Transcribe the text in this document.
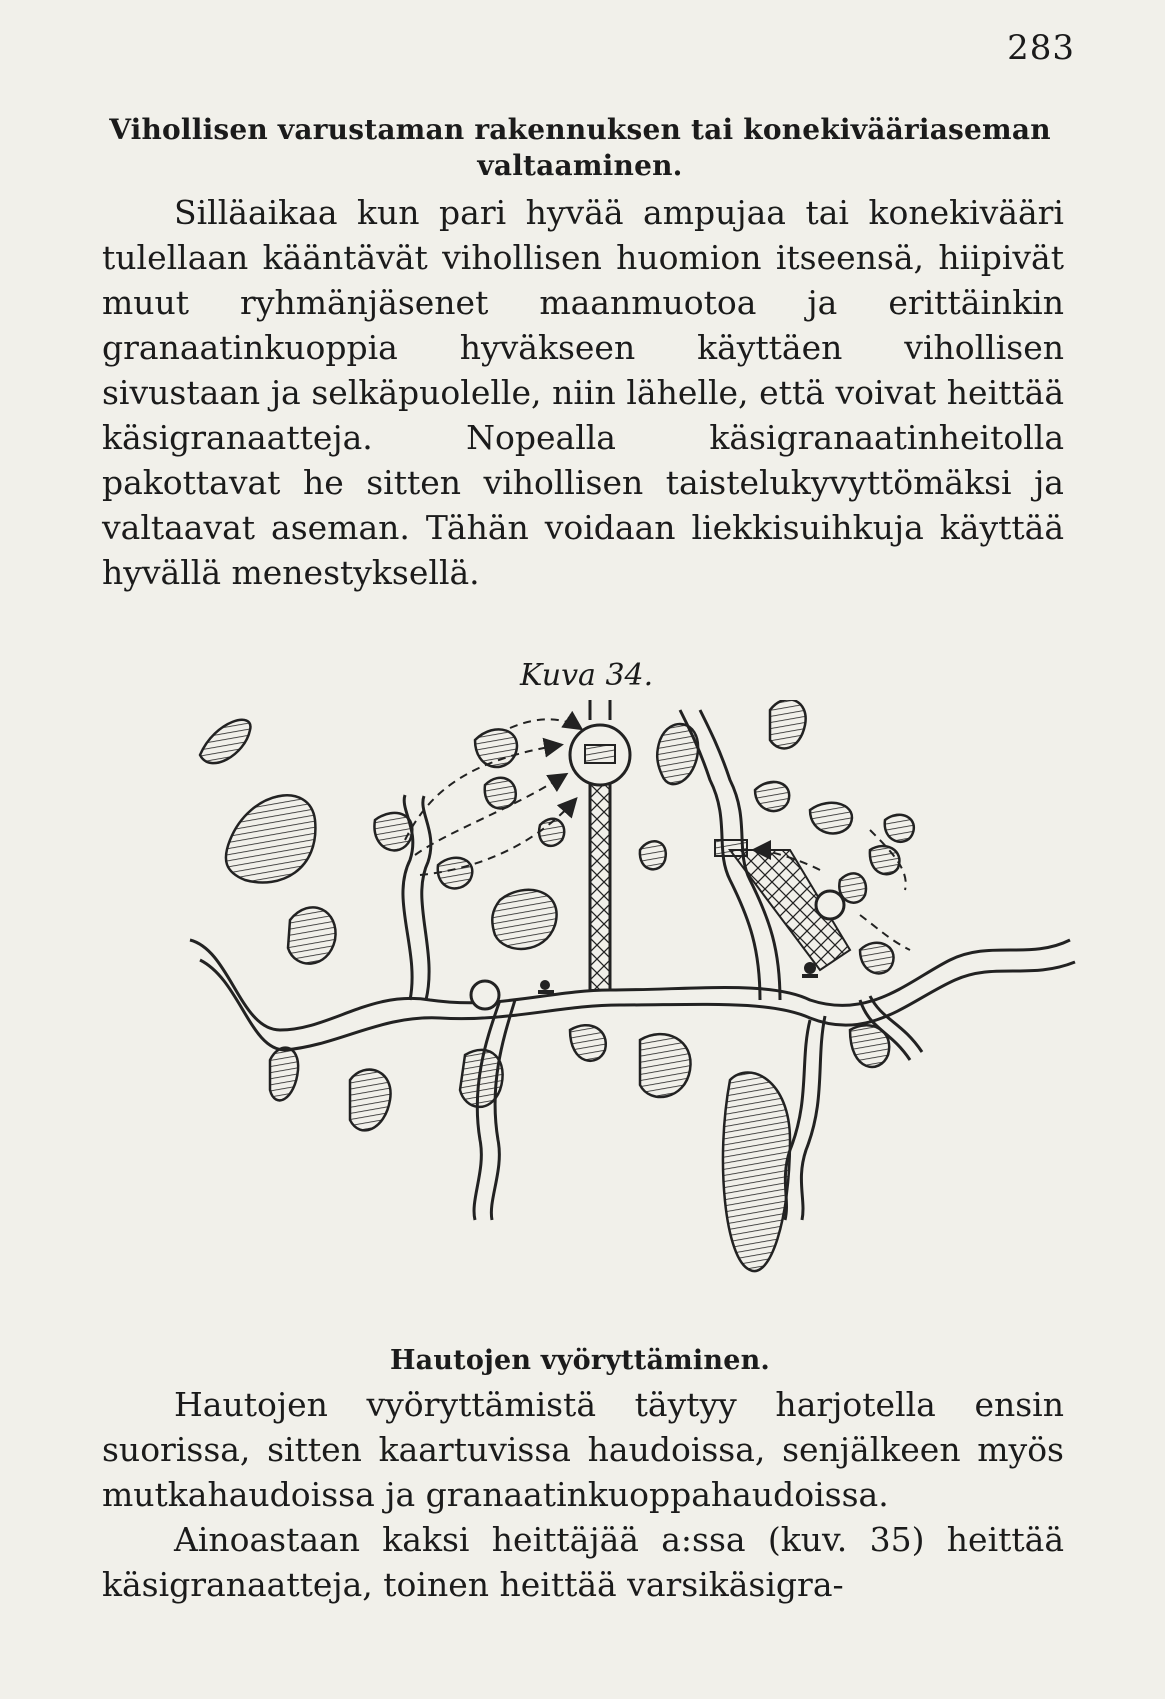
283
Vihollisen varustaman rakennuksen tai konekivääriaseman valtaaminen.
Silläaikaa kun pari hyvää ampujaa tai konekivääri tulellaan kääntävät vihollisen huomion itseensä, hiipivät muut ryhmänjäsenet maanmuotoa ja erittäinkin granaatinkuoppia hyväkseen käyttäen vihollisen sivustaan ja selkäpuolelle, niin lähelle, että voivat heittää käsigranaatteja. Nopealla käsigranaatinheitolla pakottavat he sitten vihollisen taistelukyvyttömäksi ja valtaavat aseman. Tähän voidaan liekkisuihkuja käyttää hyvällä menestyksellä.
Kuva 34.
Hautojen vyöryttäminen.
Hautojen vyöryttämistä täytyy harjotella ensin suorissa, sitten kaartuvissa haudoissa, senjälkeen myös mutkahaudoissa ja granaatinkuoppahaudoissa.
Ainoastaan kaksi heittäjää a:ssa (kuv. 35) heittää käsigranaatteja, toinen heittää varsikäsigra-
